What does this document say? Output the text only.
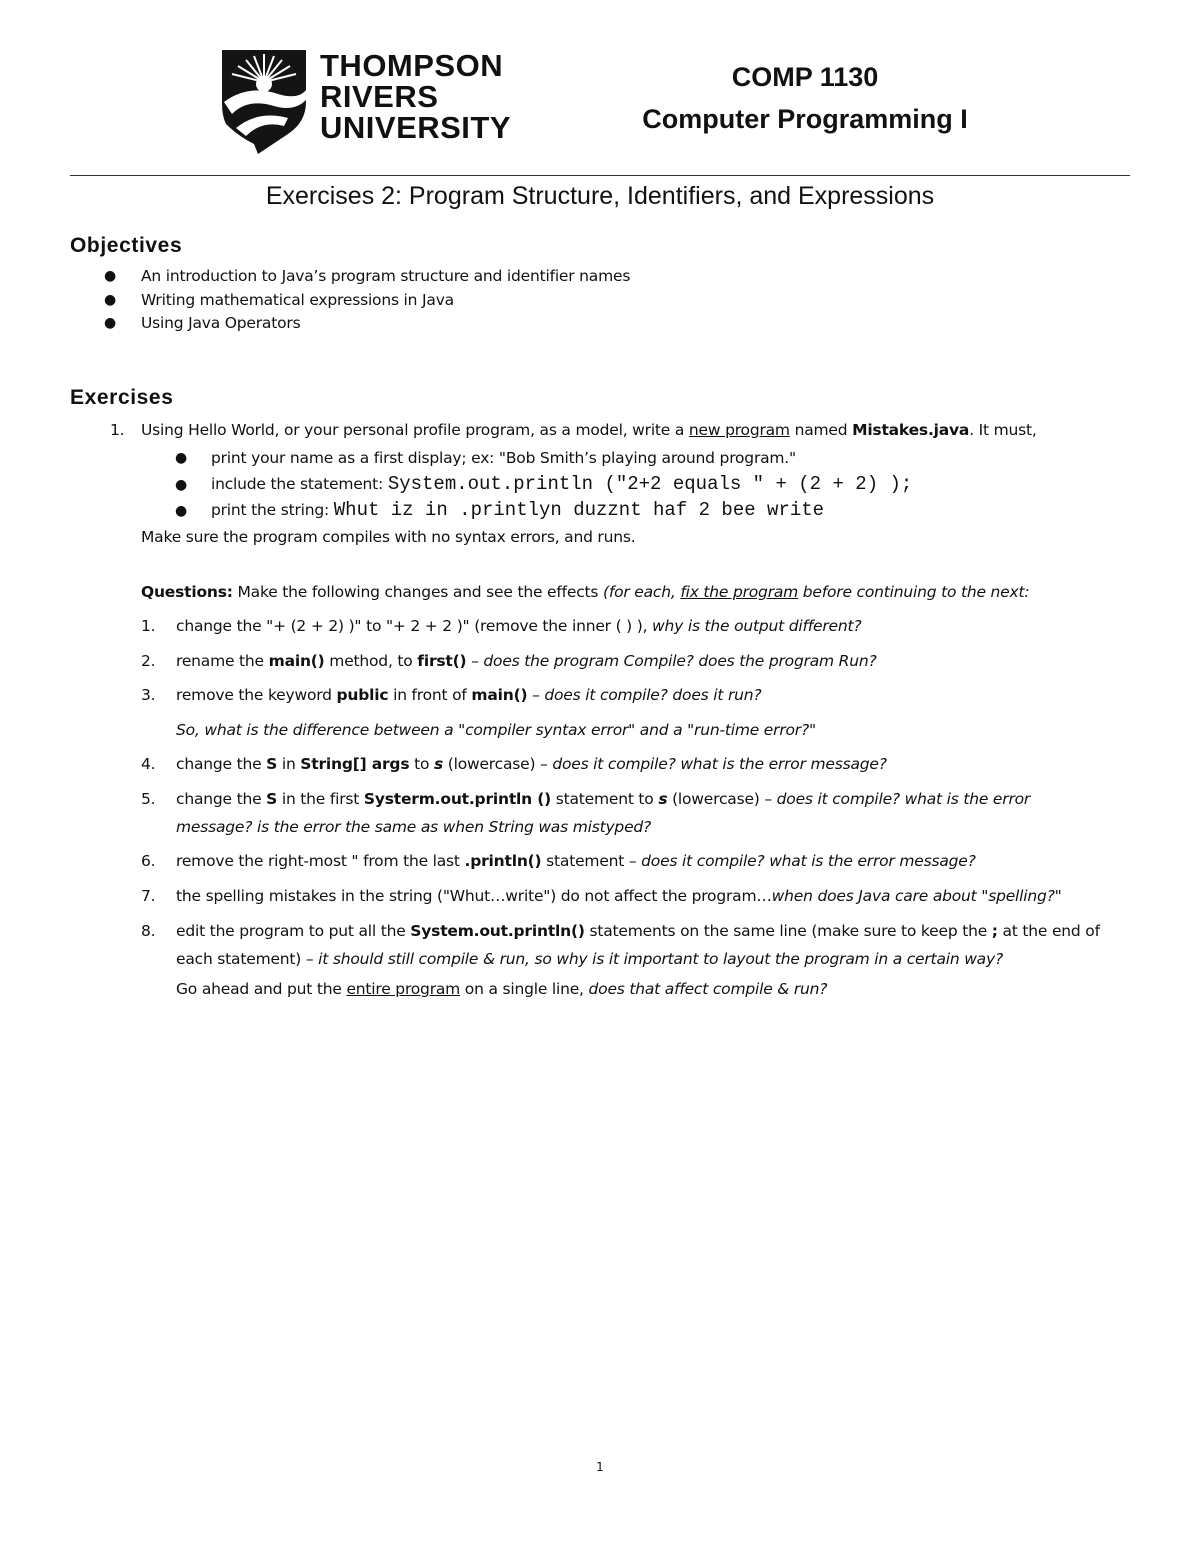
THOMPSON
RIVERS
UNIVERSITY
COMP 1130
Computer Programming I
Exercises 2: Program Structure, Identifiers, and Expressions
Objectives
● An introduction to Java’s program structure and identifier names
● Writing mathematical expressions in Java
● Using Java Operators
Exercises
1. Using Hello World, or your personal profile program, as a model, write a new program named Mistakes.java. It must,
● print your name as a first display; ex: "Bob Smith’s playing around program."
● include the statement: System.out.println ("2+2 equals " + (2 + 2) );
● print the string: Whut iz in .printlyn duzznt haf 2 bee write
Make sure the program compiles with no syntax errors, and runs.
Questions: Make the following changes and see the effects (for each, fix the program before continuing to the next:
1. change the "+ (2 + 2) )" to "+ 2 + 2 )" (remove the inner ( ) ), why is the output different?
2. rename the main() method, to first() – does the program Compile? does the program Run?
3. remove the keyword public in front of main() – does it compile? does it run?
So, what is the difference between a "compiler syntax error" and a "run-time error?"
4. change the S in String[] args to s (lowercase) – does it compile? what is the error message?
5. change the S in the first Systerm.out.println () statement to s (lowercase) – does it compile? what is the error
message? is the error the same as when String was mistyped?
6. remove the right-most " from the last .println() statement – does it compile? what is the error message?
7. the spelling mistakes in the string ("Whut…write") do not affect the program…when does Java care about "spelling?"
8. edit the program to put all the System.out.println() statements on the same line (make sure to keep the ; at the end of
each statement) – it should still compile & run, so why is it important to layout the program in a certain way?
Go ahead and put the entire program on a single line, does that affect compile & run?
1
